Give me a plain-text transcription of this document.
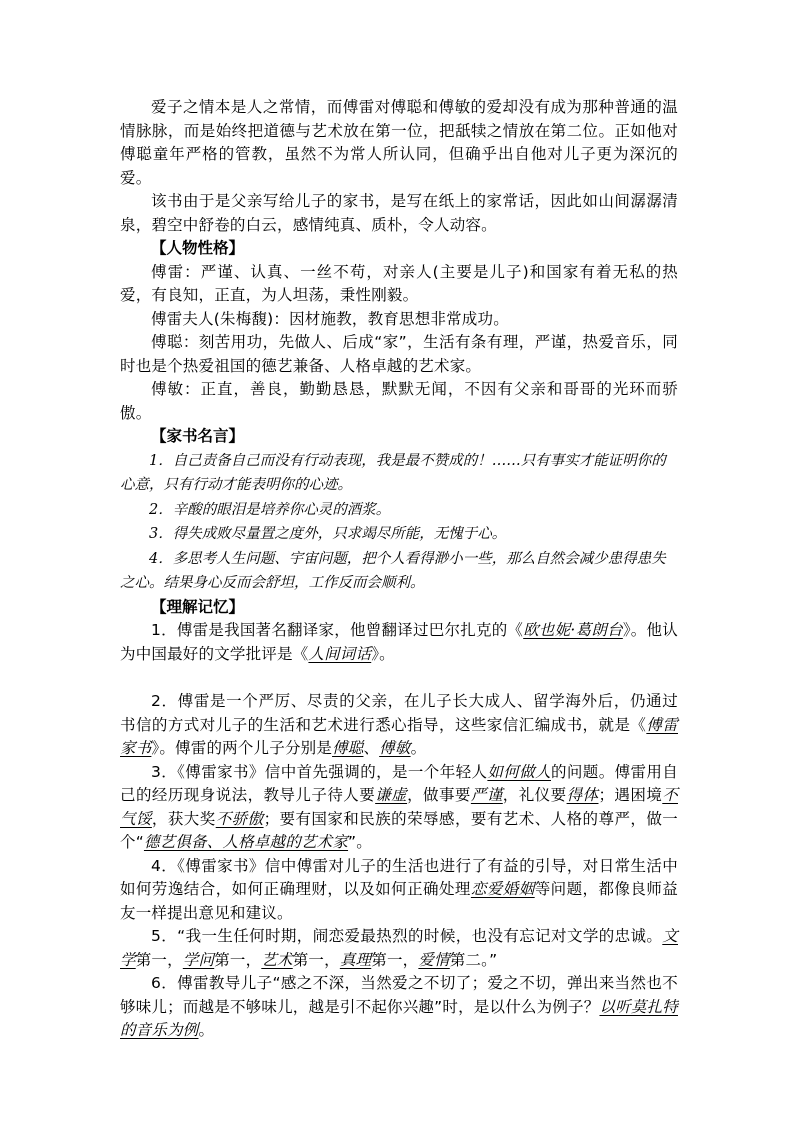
爱子之情本是人之常情，而傅雷对傅聪和傅敏的爱却没有成为那种普通的温情脉脉，而是始终把道德与艺术放在第一位，把舐犊之情放在第二位。正如他对傅聪童年严格的管教，虽然不为常人所认同，但确乎出自他对儿子更为深沉的爱。

该书由于是父亲写给儿子的家书，是写在纸上的家常话，因此如山间潺潺清泉，碧空中舒卷的白云，感情纯真、质朴，令人动容。

【人物性格】

傅雷：严谨、认真、一丝不苟，对亲人(主要是儿子)和国家有着无私的热爱，有良知，正直，为人坦荡，秉性刚毅。

傅雷夫人(朱梅馥)：因材施教，教育思想非常成功。

傅聪：刻苦用功，先做人、后成“家”，生活有条有理，严谨，热爱音乐，同时也是个热爱祖国的德艺兼备、人格卓越的艺术家。

傅敏：正直，善良，勤勤恳恳，默默无闻，不因有父亲和哥哥的光环而骄傲。

【家书名言】

1．自己责备自己而没有行动表现，我是最不赞成的！……只有事实才能证明你的心意，只有行动才能表明你的心迹。

2．辛酸的眼泪是培养你心灵的酒浆。

3．得失成败尽量置之度外，只求竭尽所能，无愧于心。

4．多思考人生问题、宇宙问题，把个人看得渺小一些，那么自然会减少患得患失之心。结果身心反而会舒坦，工作反而会顺利。

【理解记忆】

1．傅雷是我国著名翻译家，他曾翻译过巴尔扎克的《欧也妮·葛朗台》。他认为中国最好的文学批评是《人间词话》。

2．傅雷是一个严厉、尽责的父亲，在儿子长大成人、留学海外后，仍通过书信的方式对儿子的生活和艺术进行悉心指导，这些家信汇编成书，就是《傅雷家书》。傅雷的两个儿子分别是傅聪、傅敏。

3．《傅雷家书》信中首先强调的，是一个年轻人如何做人的问题。傅雷用自己的经历现身说法，教导儿子待人要谦虚，做事要严谨，礼仪要得体；遇困境不气馁，获大奖不骄傲；要有国家和民族的荣辱感，要有艺术、人格的尊严，做一个“德艺俱备、人格卓越的艺术家”。

4．《傅雷家书》信中傅雷对儿子的生活也进行了有益的引导，对日常生活中如何劳逸结合，如何正确理财，以及如何正确处理恋爱婚姻等问题，都像良师益友一样提出意见和建议。

5．“我一生任何时期，闹恋爱最热烈的时候，也没有忘记对文学的忠诚。文学第一，学问第一，艺术第一，真理第一，爱情第二。”

6．傅雷教导儿子“感之不深，当然爱之不切了；爱之不切，弹出来当然也不够味儿；而越是不够味儿，越是引不起你兴趣”时，是以什么为例子？以听莫扎特的音乐为例。
